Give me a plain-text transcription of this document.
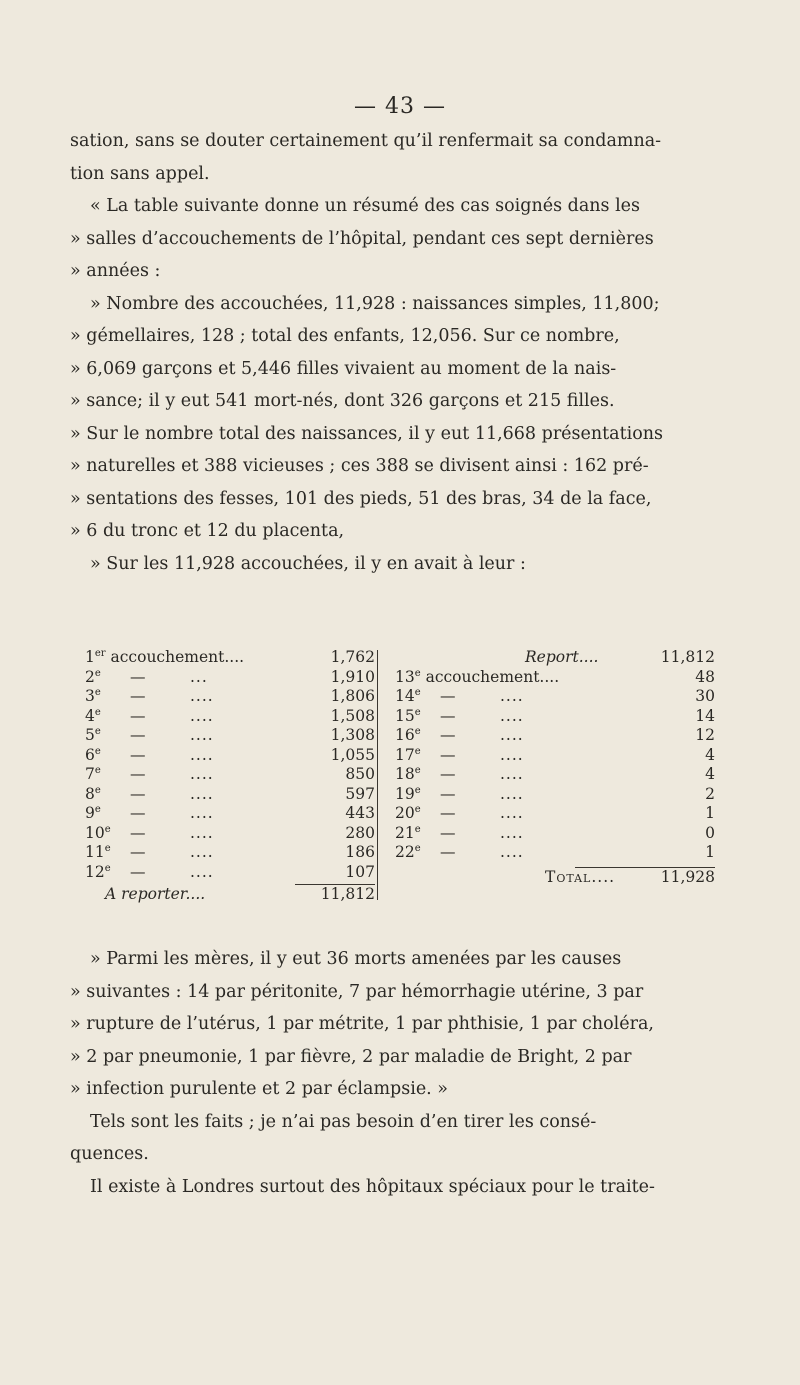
— 43 —

sation, sans se douter certainement qu’il renfermait sa condamna-

tion sans appel.

« La table suivante donne un résumé des cas soignés dans les

» salles d’accouchements de l’hôpital, pendant ces sept dernières

» années :

» Nombre des accouchées, 11,928 : naissances simples, 11,800;

» gémellaires, 128 ; total des enfants, 12,056. Sur ce nombre,

» 6,069 garçons et 5,446 filles vivaient au moment de la nais-

» sance; il y eut 541 mort-nés, dont 326 garçons et 215 filles.

» Sur le nombre total des naissances, il y eut 11,668 présentations

» naturelles et 388 vicieuses ; ces 388 se divisent ainsi : 162 pré-

» sentations des fesses, 101 des pieds, 51 des bras, 34 de la face,

» 6 du tronc et 12 du placenta,

» Sur les 11,928 accouchées, il y en avait à leur :

1er accouchement....	1,762
2e —	...	1,910
3e —	....	1,806
4e —	....	1,508
5e —	....	1,308
6e —	....	1,055
7e —	....	850
8e —	....	597
9e —	....	443
10e —	....	280
11e —	....	186
12e —	....	107
A reporter....	11,812
Report....	11,812
13e accouchement....	48
14e —	....	30
15e —	....	14
16e —	....	12
17e —	....	4
18e —	....	4
19e —	....	2
20e —	....	1
21e —	....	0
22e —	....	1
Total....	11,928

» Parmi les mères, il y eut 36 morts amenées par les causes

» suivantes : 14 par péritonite, 7 par hémorrhagie utérine, 3 par

» rupture de l’utérus, 1 par métrite, 1 par phthisie, 1 par choléra,

» 2 par pneumonie, 1 par fièvre, 2 par maladie de Bright, 2 par

» infection purulente et 2 par éclampsie. »

Tels sont les faits ; je n’ai pas besoin d’en tirer les consé-

quences.

Il existe à Londres surtout des hôpitaux spéciaux pour le traite-
